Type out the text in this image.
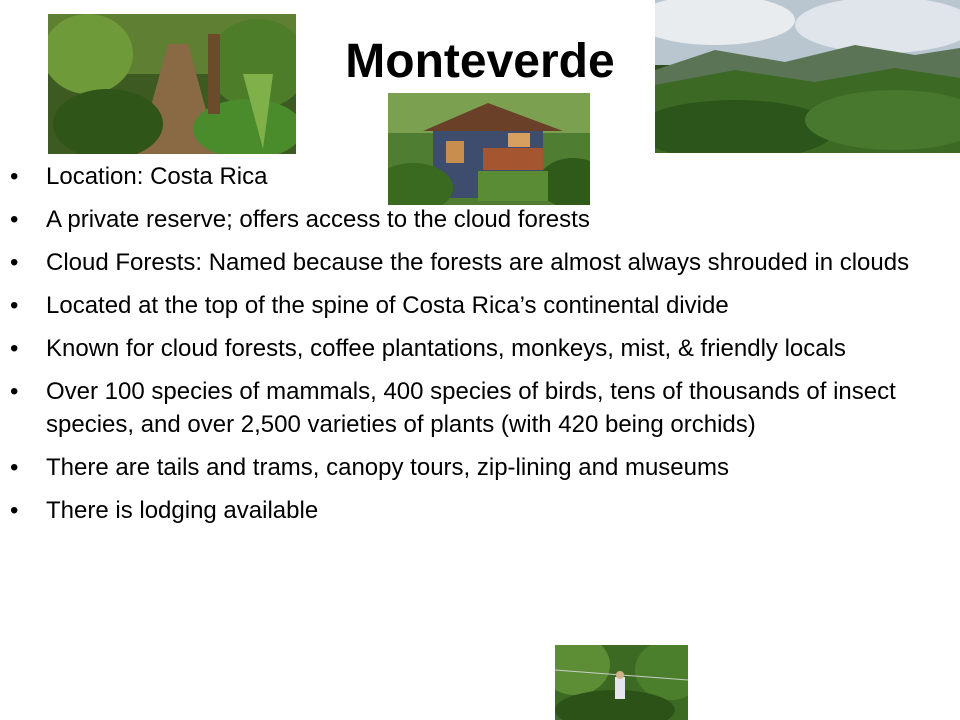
Monteverde
• Location: Costa Rica
• A private reserve; offers access to the cloud forests
• Cloud Forests: Named because the forests are almost always shrouded in clouds
• Located at the top of the spine of Costa Rica’s continental divide
• Known for cloud forests, coffee plantations, monkeys, mist, & friendly locals
• Over 100 species of mammals, 400 species of birds, tens of thousands of insect species, and over 2,500 varieties of plants (with 420 being orchids)
• There are tails and trams, canopy tours, zip-lining and museums
• There is lodging available
